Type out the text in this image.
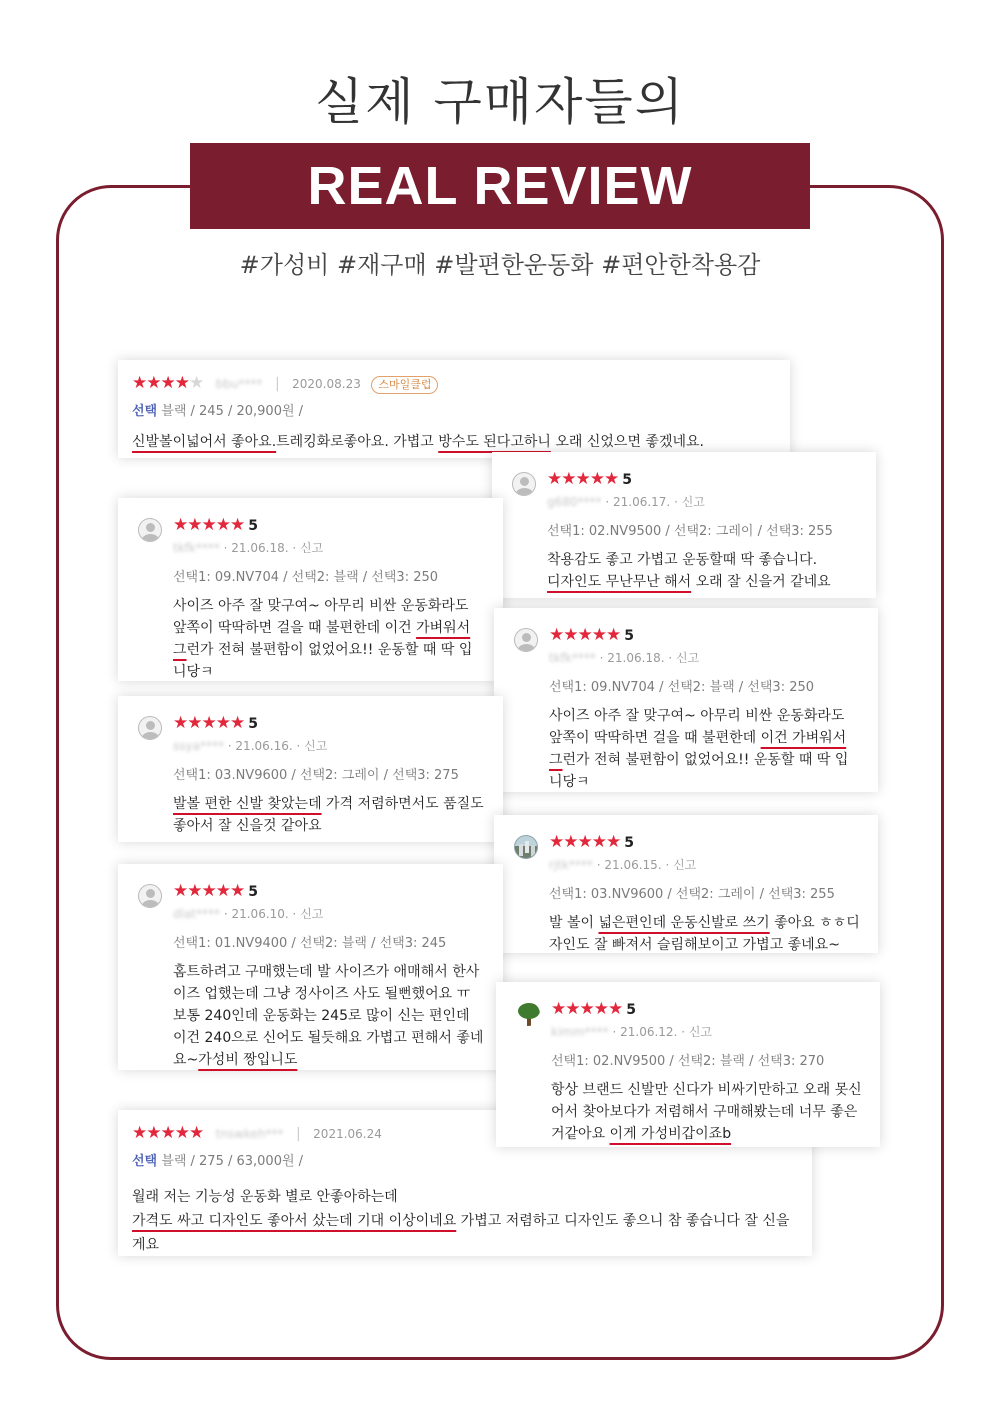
실제 구매자들의
REAL REVIEW
#가성비 #재구매 #발편한운동화 #편안한착용감
★★★★★ bbu**** | 2020.08.23 스마일클럽
선택 블랙 / 245 / 20,900원 /
신발볼이넓어서 좋아요.트레킹화로좋아요. 가볍고 방수도 된다고하니 오래 신었으면 좋겠네요.
★★★★★ 5
g680**** · 21.06.17. · 신고
선택1: 02.NV9500 / 선택2: 그레이 / 선택3: 255
착용감도 좋고 가볍고 운동할때 딱 좋습니다.
디자인도 무난무난 해서 오래 잘 신을거 같네요
★★★★★ 5
tkfk**** · 21.06.18. · 신고
선택1: 09.NV704 / 선택2: 블랙 / 선택3: 250
사이즈 아주 잘 맞구여~ 아무리 비싼 운동화라도 앞쪽이 딱딱하면 걸을 때 불편한데 이건 가벼워서 그런가 전혀 불편함이 없었어요!! 운동할 때 딱 입니당ㅋ
★★★★★ 5
tkfk**** · 21.06.18. · 신고
선택1: 09.NV704 / 선택2: 블랙 / 선택3: 250
사이즈 아주 잘 맞구여~ 아무리 비싼 운동화라도 앞쪽이 딱딱하면 걸을 때 불편한데 이건 가벼워서 그런가 전혀 불편함이 없었어요!! 운동할 때 딱 입니당ㅋ
★★★★★ 5
ssya**** · 21.06.16. · 신고
선택1: 03.NV9600 / 선택2: 그레이 / 선택3: 275
발볼 편한 신발 찾았는데 가격 저렴하면서도 품질도 좋아서 잘 신을것 같아요
★★★★★ 5
rjtk**** · 21.06.15. · 신고
선택1: 03.NV9600 / 선택2: 그레이 / 선택3: 255
발 볼이 넓은편인데 운동신발로 쓰기 좋아요 ㅎㅎ디자인도 잘 빠져서 슬림해보이고 가볍고 좋네요~
★★★★★ 5
dlat**** · 21.06.10. · 신고
선택1: 01.NV9400 / 선택2: 블랙 / 선택3: 245
홈트하려고 구매했는데 발 사이즈가 애매해서 한사이즈 업했는데 그냥 정사이즈 사도 될뻔했어요 ㅠ 보통 240인데 운동화는 245로 많이 신는 편인데 이건 240으로 신어도 될듯해요 가볍고 편해서 좋네요~가성비 짱입니도
★★★★★ tnswkeh*** | 2021.06.24
선택 블랙 / 275 / 63,000원 /
월래 저는 기능성 운동화 별로 안좋아하는데
가격도 싸고 디자인도 좋아서 샀는데 기대 이상이네요 가볍고 저렴하고 디자인도 좋으니 참 좋습니다 잘 신을게요
★★★★★ 5
kimm**** · 21.06.12. · 신고
선택1: 02.NV9500 / 선택2: 블랙 / 선택3: 270
항상 브랜드 신발만 신다가 비싸기만하고 오래 못신어서 찾아보다가 저렴해서 구매해봤는데 너무 좋은거같아요 이게 가성비갑이죠b
